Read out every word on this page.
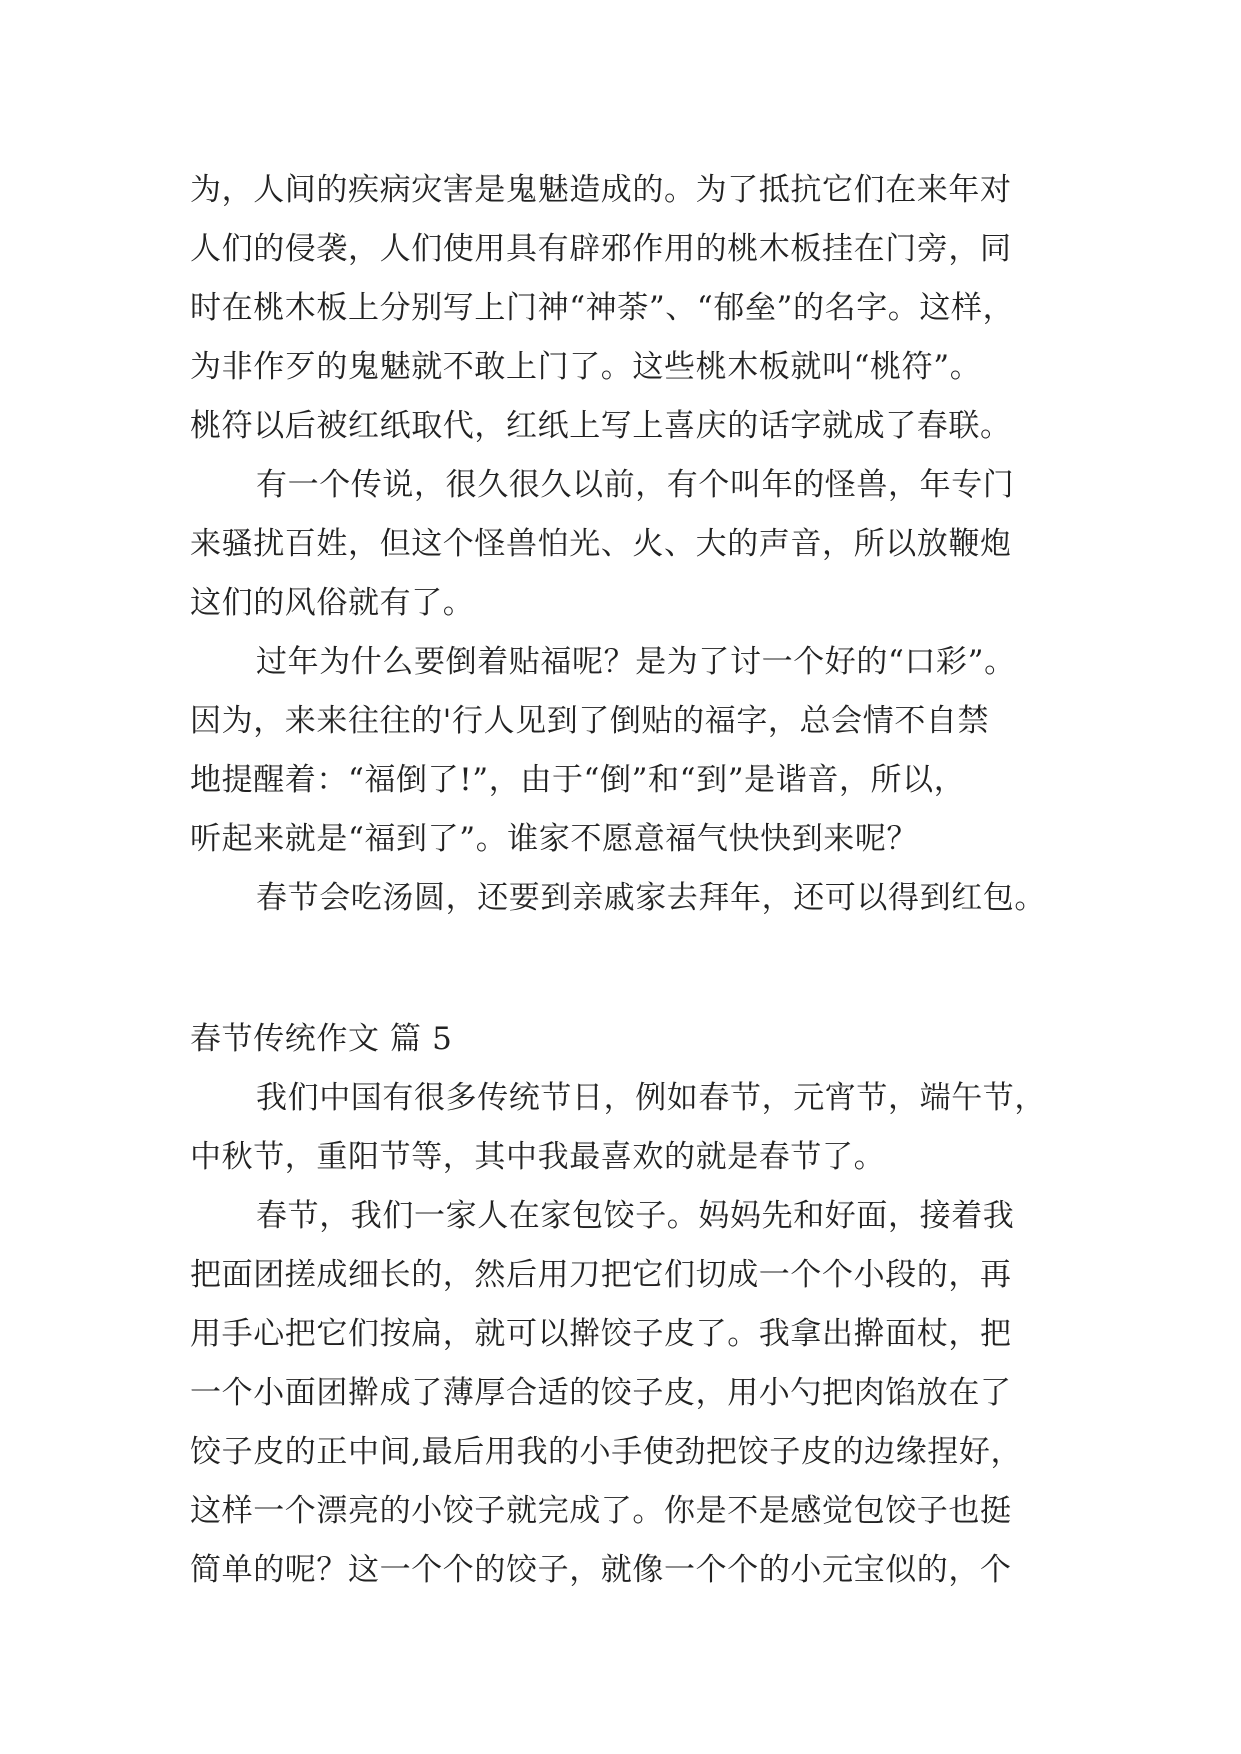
为，人间的疾病灾害是鬼魅造成的。为了抵抗它们在来年对
人们的侵袭，人们使用具有辟邪作用的桃木板挂在门旁，同
时在桃木板上分别写上门神“神荼”、“郁垒”的名字。这样，
为非作歹的鬼魅就不敢上门了。这些桃木板就叫“桃符”。
桃符以后被红纸取代，红纸上写上喜庆的话字就成了春联。
有一个传说，很久很久以前，有个叫年的怪兽，年专门
来骚扰百姓，但这个怪兽怕光、火、大的声音，所以放鞭炮
这们的风俗就有了。
过年为什么要倒着贴福呢？是为了讨一个好的“口彩”。
因为，来来往往的'行人见到了倒贴的福字，总会情不自禁
地提醒着：“福倒了!”，由于“倒”和“到”是谐音，所以，
听起来就是“福到了”。谁家不愿意福气快快到来呢？
春节会吃汤圆，还要到亲戚家去拜年，还可以得到红包。
春节传统作文 篇 5
我们中国有很多传统节日，例如春节，元宵节，端午节，
中秋节，重阳节等，其中我最喜欢的就是春节了。
春节，我们一家人在家包饺子。妈妈先和好面，接着我
把面团搓成细长的，然后用刀把它们切成一个个小段的，再
用手心把它们按扁，就可以擀饺子皮了。我拿出擀面杖，把
一个小面团擀成了薄厚合适的饺子皮，用小勺把肉馅放在了
饺子皮的正中间,最后用我的小手使劲把饺子皮的边缘捏好，
这样一个漂亮的小饺子就完成了。你是不是感觉包饺子也挺
简单的呢？这一个个的饺子，就像一个个的小元宝似的，个
